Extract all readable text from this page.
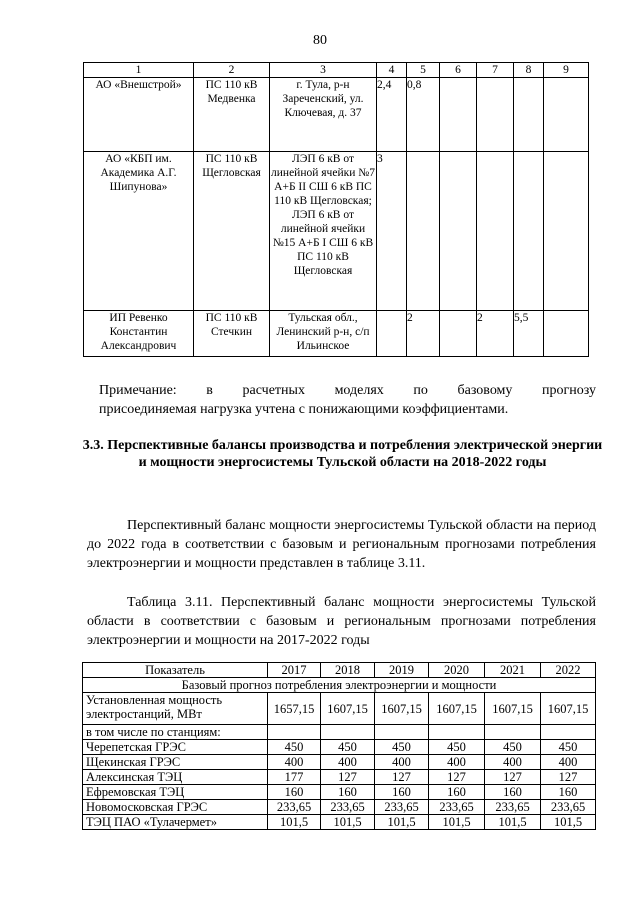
80
1	2	3	4	5	6	7	8	9
АО «Внешстрой»	ПС 110 кВ Медвенка	г. Тула, р-н Зареченский, ул. Ключевая, д. 37	2,4	0,8				
АО «КБП им. Академика А.Г. Шипунова»	ПС 110 кВ Щегловская	ЛЭП 6 кВ от линейной ячейки №7 А+Б II СШ 6 кВ ПС 110 кВ Щегловская; ЛЭП 6 кВ от линейной ячейки №15 А+Б I СШ 6 кВ ПС 110 кВ Щегловская	3					
ИП Ревенко Константин Александрович	ПС 110 кВ Стечкин	Тульская обл., Ленинский р-н, с/п Ильинское		2		2	5,5	
Примечание: в расчетных моделях по базовому прогнозу
присоединяемая нагрузка учтена с понижающими коэффициентами.
3.3. Перспективные балансы производства и потребления электрической энергии и мощности энергосистемы Тульской области на 2018-2022 годы
Перспективный баланс мощности энергосистемы Тульской области на период до 2022 года в соответствии с базовым и региональным прогнозами потребления электроэнергии и мощности представлен в таблице 3.11.
Таблица 3.11. Перспективный баланс мощности энергосистемы Тульской области в соответствии с базовым и региональным прогнозами потребления электроэнергии и мощности на 2017-2022 годы
Показатель	2017	2018	2019	2020	2021	2022
Базовый прогноз потребления электроэнергии и мощности						
Установленная мощность электростанций, МВт	1657,15	1607,15	1607,15	1607,15	1607,15	1607,15
в том числе по станциям:						
Черепетская ГРЭС	450	450	450	450	450	450
Щекинская ГРЭС	400	400	400	400	400	400
Алексинская ТЭЦ	177	127	127	127	127	127
Ефремовская ТЭЦ	160	160	160	160	160	160
Новомосковская ГРЭС	233,65	233,65	233,65	233,65	233,65	233,65
ТЭЦ ПАО «Тулачермет»	101,5	101,5	101,5	101,5	101,5	101,5
